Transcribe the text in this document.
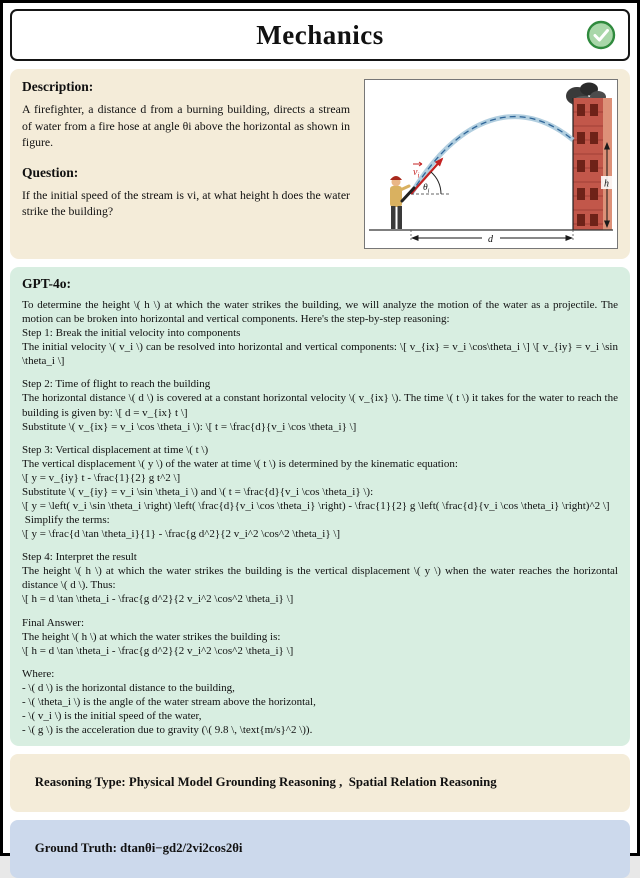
Mechanics
Description:

A firefighter, a distance d from a burning building, directs a stream of water from a fire hose at angle θi above the horizontal as shown in figure.

Question:

If the initial speed of the stream is vi, at what height h does the water strike the building?

$v_i$
$\theta_i$
h
d
GPT-4o:
To determine the height \( h \) at which the water strikes the building, we will analyze the motion of the water as a projectile. The motion can be broken into horizontal and vertical components. Here's the step-by-step reasoning:
Step 1: Break the initial velocity into components
The initial velocity \( v_i \) can be resolved into horizontal and vertical components: \[ v_{ix} = v_i \cos\theta_i \] \[ v_{iy} = v_i \sin \theta_i \]
Step 2: Time of flight to reach the building
The horizontal distance \( d \) is covered at a constant horizontal velocity \( v_{ix} \). The time \( t \) it takes for the water to reach the building is given by: \[ d = v_{ix} t \]
Substitute \( v_{ix} = v_i \cos \theta_i \): \[ t = \frac{d}{v_i \cos \theta_i} \]
Step 3: Vertical displacement at time \( t \)
The vertical displacement \( y \) of the water at time \( t \) is determined by the kinematic equation:
\[ y = v_{iy} t - \frac{1}{2} g t^2 \]
Substitute \( v_{iy} = v_i \sin \theta_i \) and \( t = \frac{d}{v_i \cos \theta_i} \):
\[ y = \left( v_i \sin \theta_i \right) \left( \frac{d}{v_i \cos \theta_i} \right) - \frac{1}{2} g \left( \frac{d}{v_i \cos \theta_i} \right)^2 \]
Simplify the terms:
\[ y = \frac{d \tan \theta_i}{1} - \frac{g d^2}{2 v_i^2 \cos^2 \theta_i} \]
Step 4: Interpret the result
The height \( h \) at which the water strikes the building is the vertical displacement \( y \) when the water reaches the horizontal distance \( d \). Thus:
\[ h = d \tan \theta_i - \frac{g d^2}{2 v_i^2 \cos^2 \theta_i} \]
Final Answer:
The height \( h \) at which the water strikes the building is:
\[ h = d \tan \theta_i - \frac{g d^2}{2 v_i^2 \cos^2 \theta_i} \]
Where:
- \( d \) is the horizontal distance to the building,
- \( \theta_i \) is the angle of the water stream above the horizontal,
- \( v_i \) is the initial speed of the water,
- \( g \) is the acceleration due to gravity (\( 9.8 \, \text{m/s}^2 \)).

Reasoning Type: Physical Model Grounding Reasoning ,  Spatial Relation Reasoning

Ground Truth: dtanθi−gd2/2vi2cos2θi
